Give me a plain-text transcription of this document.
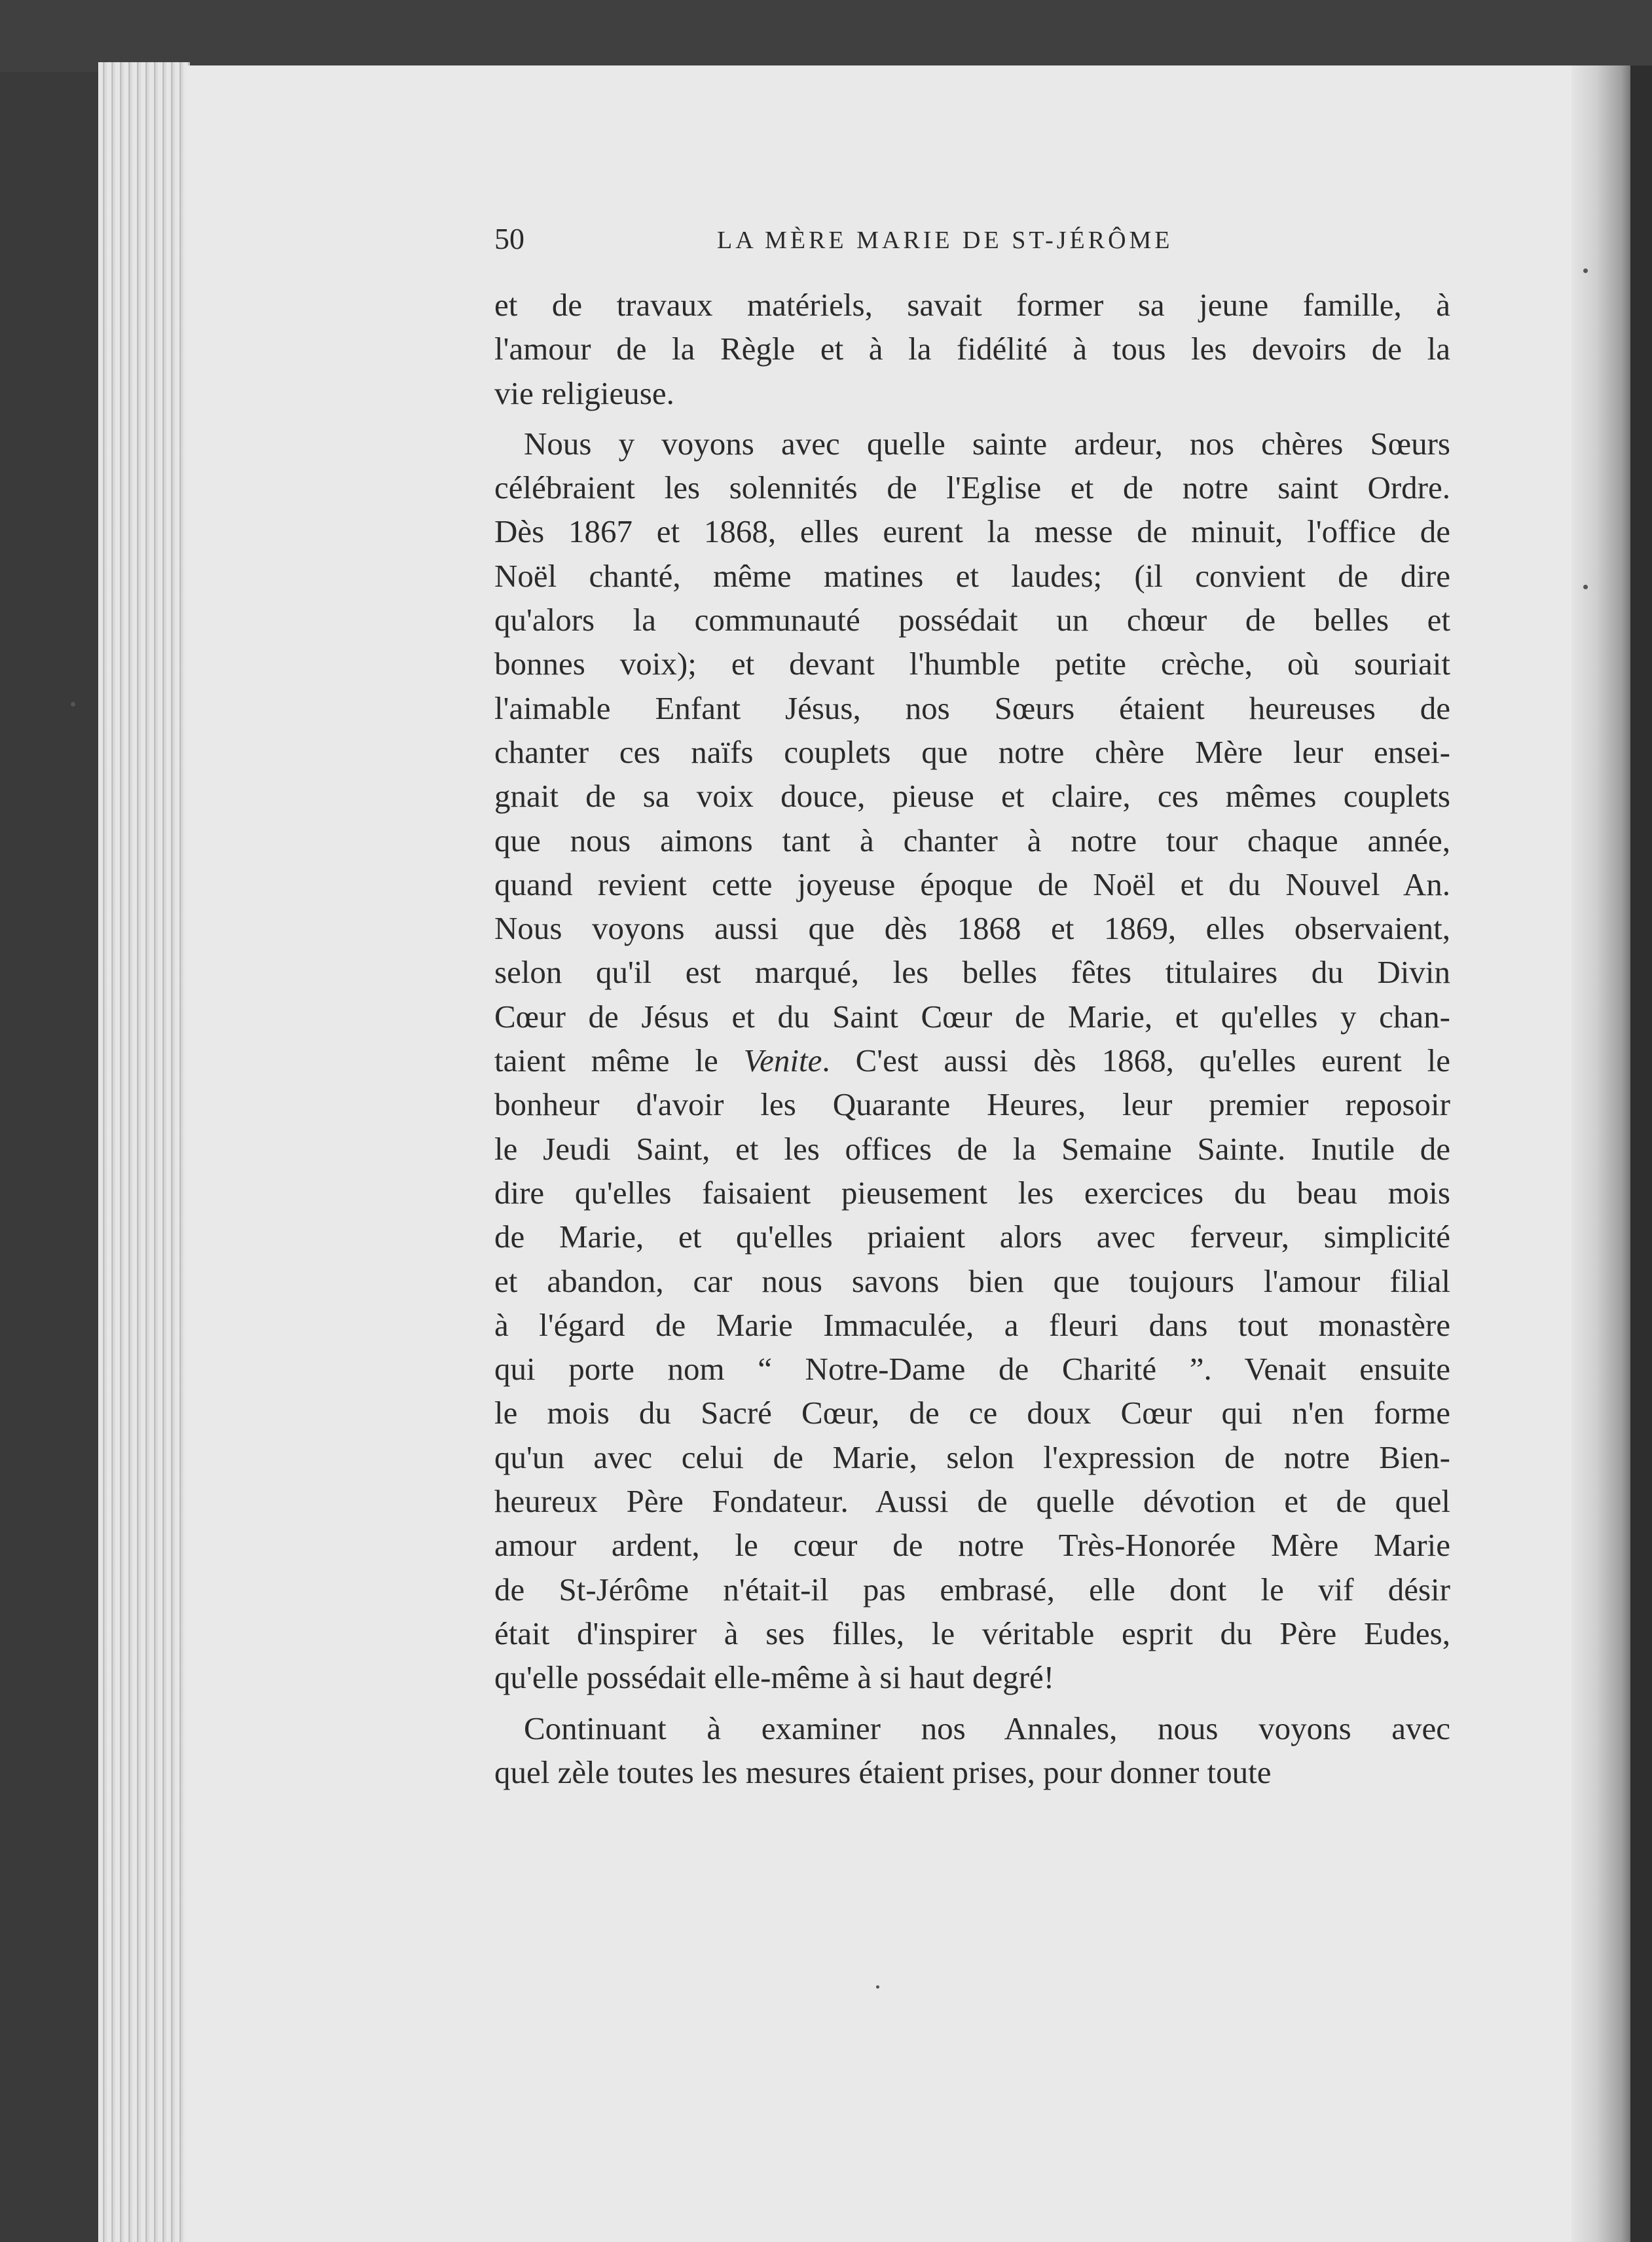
50	LA MÈRE MARIE DE ST-JÉRÔME
et de travaux matériels, savait former sa jeune famille, à
l'amour de la Règle et à la fidélité à tous les devoirs de la
vie religieuse.
Nous y voyons avec quelle sainte ardeur, nos chères Sœurs
célébraient les solennités de l'Eglise et de notre saint Ordre.
Dès 1867 et 1868, elles eurent la messe de minuit, l'office de
Noël chanté, même matines et laudes; (il convient de dire
qu'alors la communauté possédait un chœur de belles et
bonnes voix); et devant l'humble petite crèche, où souriait
l'aimable Enfant Jésus, nos Sœurs étaient heureuses de
chanter ces naïfs couplets que notre chère Mère leur ensei-
gnait de sa voix douce, pieuse et claire, ces mêmes couplets
que nous aimons tant à chanter à notre tour chaque année,
quand revient cette joyeuse époque de Noël et du Nouvel An.
Nous voyons aussi que dès 1868 et 1869, elles observaient,
selon qu'il est marqué, les belles fêtes titulaires du Divin
Cœur de Jésus et du Saint Cœur de Marie, et qu'elles y chan-
taient même le Venite. C'est aussi dès 1868, qu'elles eurent le
bonheur d'avoir les Quarante Heures, leur premier reposoir
le Jeudi Saint, et les offices de la Semaine Sainte. Inutile de
dire qu'elles faisaient pieusement les exercices du beau mois
de Marie, et qu'elles priaient alors avec ferveur, simplicité
et abandon, car nous savons bien que toujours l'amour filial
à l'égard de Marie Immaculée, a fleuri dans tout monastère
qui porte nom “ Notre-Dame de Charité ”. Venait ensuite
le mois du Sacré Cœur, de ce doux Cœur qui n'en forme
qu'un avec celui de Marie, selon l'expression de notre Bien-
heureux Père Fondateur. Aussi de quelle dévotion et de quel
amour ardent, le cœur de notre Très-Honorée Mère Marie
de St-Jérôme n'était-il pas embrasé, elle dont le vif désir
était d'inspirer à ses filles, le véritable esprit du Père Eudes,
qu'elle possédait elle-même à si haut degré!
Continuant à examiner nos Annales, nous voyons avec
quel zèle toutes les mesures étaient prises, pour donner toute
